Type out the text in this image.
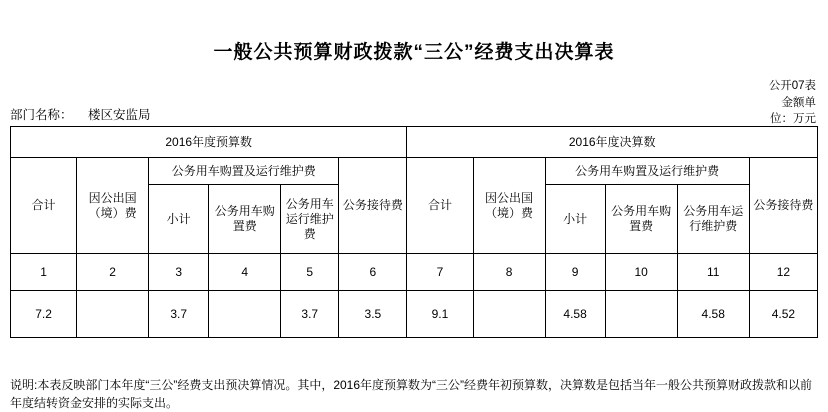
一般公共预算财政拨款“三公”经费支出决算表
公开07表
金额单
位：万元
部门名称： 楼区安监局
2016年度预算数						2016年度决算数					
合计	因公出国（境）费	公务用车购置及运行维护费			公务接待费	合计	因公出国（境）费	公务用车购置及运行维护费			公务接待费
		小计	公务用车购置费	公务用车运行维护费				小计	公务用车购置费	公务用车运行维护费	
1	2	3	4	5	6	7	8	9	10	11	12
7.2		3.7		3.7	3.5	9.1		4.58		4.58	4.52
说明:本表反映部门本年度“三公”经费支出预决算情况。其中，2016年度预算数为“三公”经费年初预算数，决算数是包括当年一般公共预算财政拨款和以前年度结转资金安排的实际支出。
